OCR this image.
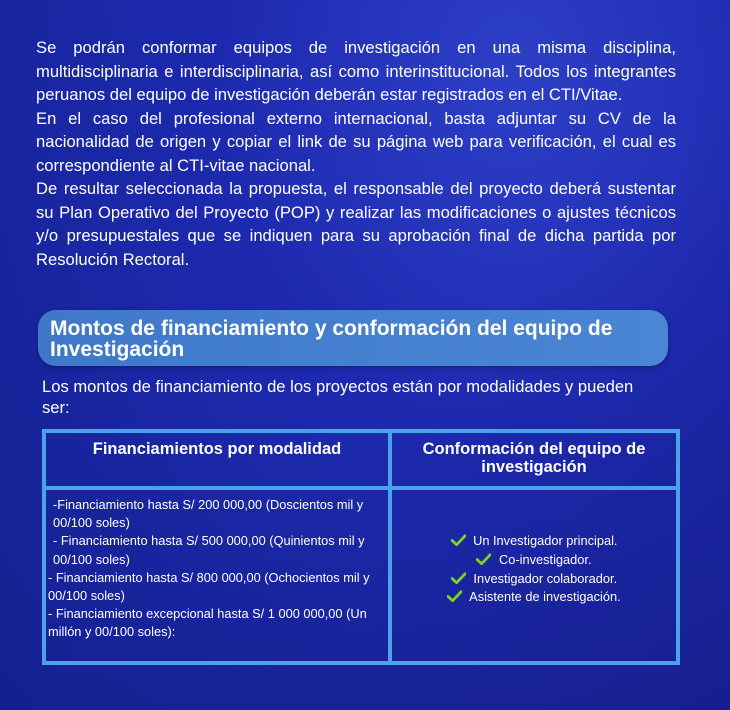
Se podrán conformar equipos de investigación en una misma disciplina, multidisciplinaria e interdisciplinaria, así como interinstitucional. Todos los integrantes peruanos del equipo de investigación deberán estar registrados en el CTI/Vitae.

En el caso del profesional externo internacional, basta adjuntar su CV de la nacionalidad de origen y copiar el link de su página web para verificación, el cual es correspondiente al CTI-vitae nacional.

De resultar seleccionada la propuesta, el responsable del proyecto deberá sustentar su Plan Operativo del Proyecto (POP) y realizar las modificaciones o ajustes técnicos y/o presupuestales que se indiquen para su aprobación final de dicha partida por Resolución Rectoral.

Montos de financiamiento y conformación del equipo de Investigación

Los montos de financiamiento de los proyectos están por modalidades y pueden ser:

Financiamientos por modalidad	Conformación del equipo de investigación
-Financiamiento hasta S/ 200 000,00 (Doscientos mil y 00/100 soles)
- Financiamiento hasta S/ 500 000,00 (Quinientos mil y 00/100 soles)
- Financiamiento hasta S/ 800 000,00 (Ochocientos mil y 00/100 soles)
- Financiamiento excepcional hasta S/ 1 000 000,00 (Un millón y 00/100 soles):
Un Investigador principal.
Co-investigador.
Investigador colaborador.
Asistente de investigación.
